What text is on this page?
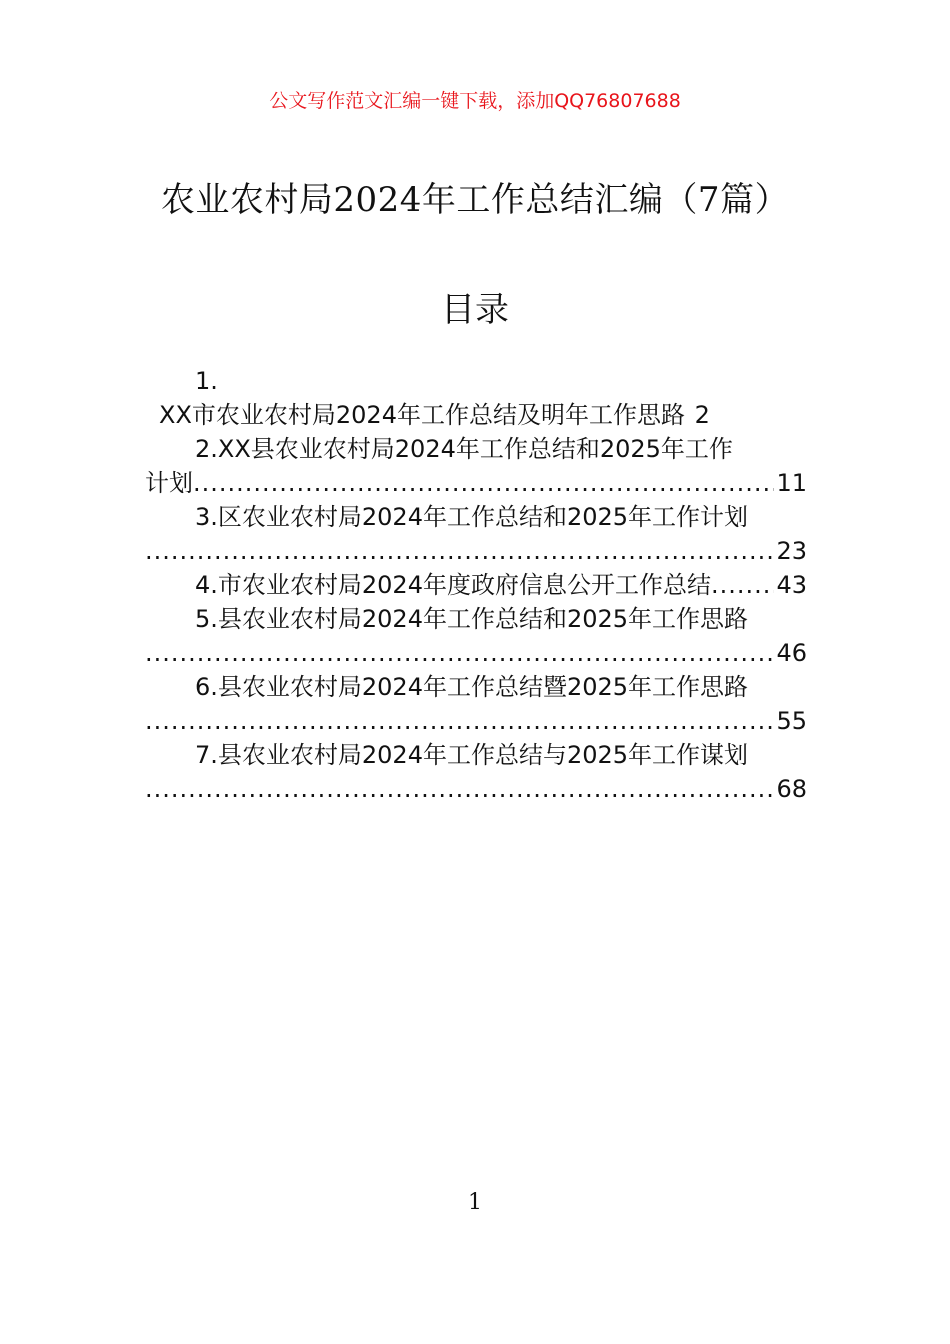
公文写作范文汇编一键下载，添加QQ76807688
农业农村局2024年工作总结汇编（7篇）
目录
1.
XX市农业农村局2024年工作总结及明年工作思路 2
2.XX县农业农村局2024年工作总结和2025年工作
计划 .....	11
3.区农业农村局2024年工作总结和2025年工作计划
.....
23
4.市农业农村局2024年度政府信息公开工作总结 .....	43
5.县农业农村局2024年工作总结和2025年工作思路
.....
46
6.县农业农村局2024年工作总结暨2025年工作思路
.....
55
7.县农业农村局2024年工作总结与2025年工作谋划
.....
68
1
